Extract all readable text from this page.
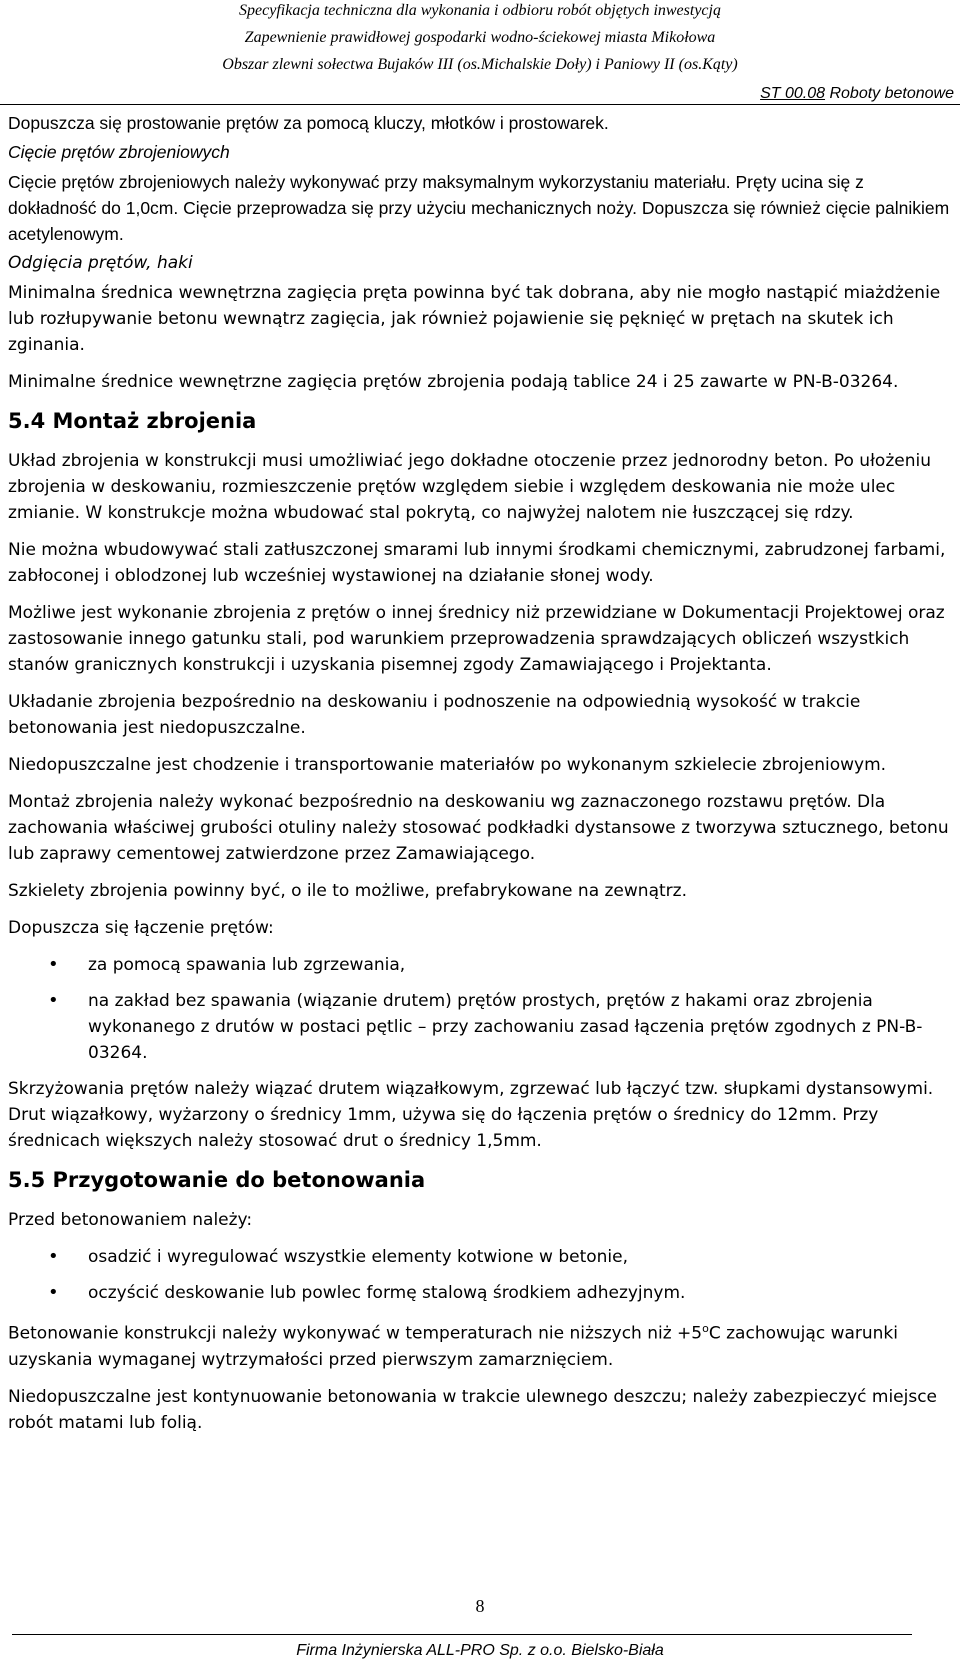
Specyfikacja techniczna dla wykonania i odbioru robót objętych inwestycją
Zapewnienie prawidłowej gospodarki wodno-ściekowej miasta Mikołowa
Obszar zlewni sołectwa Bujaków III (os.Michalskie Doły) i Paniowy II (os.Kąty)
ST 00.08 Roboty betonowe

Dopuszcza się prostowanie prętów za pomocą kluczy, młotków i prostowarek.

Cięcie prętów zbrojeniowych

Cięcie prętów zbrojeniowych należy wykonywać przy maksymalnym wykorzystaniu materiału. Pręty ucina się z dokładność do 1,0cm. Cięcie przeprowadza się przy użyciu mechanicznych noży. Dopuszcza się również cięcie palnikiem acetylenowym.

Odgięcia prętów, haki

Minimalna średnica wewnętrzna zagięcia pręta powinna być tak dobrana, aby nie mogło nastąpić miażdżenie lub rozłupywanie betonu wewnątrz zagięcia, jak również pojawienie się pęknięć w prętach na skutek ich zginania.

Minimalne średnice wewnętrzne zagięcia prętów zbrojenia podają tablice 24 i 25 zawarte w PN-B-03264.

5.4 Montaż zbrojenia

Układ zbrojenia w konstrukcji musi umożliwiać jego dokładne otoczenie przez jednorodny beton. Po ułożeniu zbrojenia w deskowaniu, rozmieszczenie prętów względem siebie i względem deskowania nie może ulec zmianie. W konstrukcje można wbudować stal pokrytą, co najwyżej nalotem nie łuszczącej się rdzy.

Nie można wbudowywać stali zatłuszczonej smarami lub innymi środkami chemicznymi, zabrudzonej farbami, zabłoconej i oblodzonej lub wcześniej wystawionej na działanie słonej wody.

Możliwe jest wykonanie zbrojenia z prętów o innej średnicy niż przewidziane w Dokumentacji Projektowej oraz zastosowanie innego gatunku stali, pod warunkiem przeprowadzenia sprawdzających obliczeń wszystkich stanów granicznych konstrukcji i uzyskania pisemnej zgody Zamawiającego i Projektanta.

Układanie zbrojenia bezpośrednio na deskowaniu i podnoszenie na odpowiednią wysokość w trakcie betonowania jest niedopuszczalne.

Niedopuszczalne jest chodzenie i transportowanie materiałów po wykonanym szkielecie zbrojeniowym.

Montaż zbrojenia należy wykonać bezpośrednio na deskowaniu wg zaznaczonego rozstawu prętów. Dla zachowania właściwej grubości otuliny należy stosować podkładki dystansowe z tworzywa sztucznego, betonu lub zaprawy cementowej zatwierdzone przez Zamawiającego.

Szkielety zbrojenia powinny być, o ile to możliwe, prefabrykowane na zewnątrz.

Dopuszcza się łączenie prętów:

• za pomocą spawania lub zgrzewania,
• na zakład bez spawania (wiązanie drutem) prętów prostych, prętów z hakami oraz zbrojenia wykonanego z drutów w postaci pętlic – przy zachowaniu zasad łączenia prętów zgodnych z PN-B-03264.

Skrzyżowania prętów należy wiązać drutem wiązałkowym, zgrzewać lub łączyć tzw. słupkami dystansowymi. Drut wiązałkowy, wyżarzony o średnicy 1mm, używa się do łączenia prętów o średnicy do 12mm. Przy średnicach większych należy stosować drut o średnicy 1,5mm.

5.5 Przygotowanie do betonowania

Przed betonowaniem należy:

• osadzić i wyregulować wszystkie elementy kotwione w betonie,
• oczyścić deskowanie lub powlec formę stalową środkiem adhezyjnym.

Betonowanie konstrukcji należy wykonywać w temperaturach nie niższych niż $+5^oC$ zachowując warunki uzyskania wymaganej wytrzymałości przed pierwszym zamarznięciem.

Niedopuszczalne jest kontynuowanie betonowania w trakcie ulewnego deszczu; należy zabezpieczyć miejsce robót matami lub folią.

8
Firma Inżynierska ALL-PRO Sp. z o.o. Bielsko-Biała
